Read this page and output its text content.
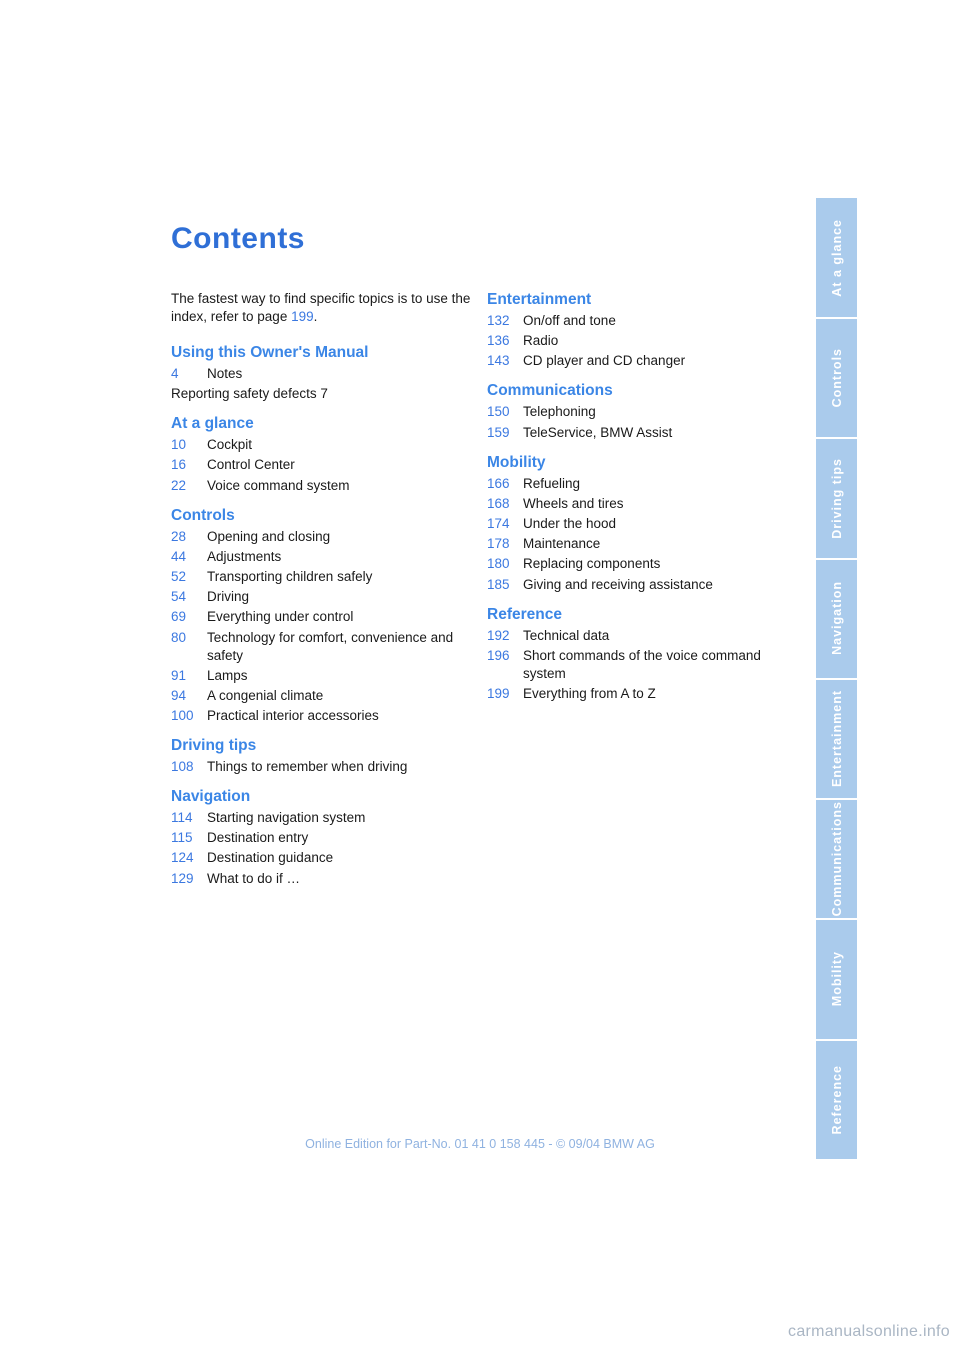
Contents
The fastest way to find specific topics is to use the index, refer to page 199.
Using this Owner's Manual
4	Notes
Reporting safety defects 7
At a glance
10	Cockpit
16	Control Center
22	Voice command system
Controls
28	Opening and closing
44	Adjustments
52	Transporting children safely
54	Driving
69	Everything under control
80	Technology for comfort, convenience and safety
91	Lamps
94	A congenial climate
100 Practical interior accessories
Driving tips
108 Things to remember when driving
Navigation
114	Starting navigation system
115	Destination entry
124 Destination guidance
129 What to do if …
Entertainment
132 On/off and tone
136 Radio
143 CD player and CD changer
Communications
150 Telephoning
159 TeleService, BMW Assist
Mobility
166 Refueling
168 Wheels and tires
174 Under the hood
178 Maintenance
180 Replacing components
185 Giving and receiving assistance
Reference
192 Technical data
196 Short commands of the voice command system
199 Everything from A to Z
At a glance
Controls
Driving tips
Navigation
Entertainment
Communications
Mobility
Reference
Online Edition for Part-No. 01 41 0 158 445 - © 09/04 BMW AG
carmanualsonline.info
